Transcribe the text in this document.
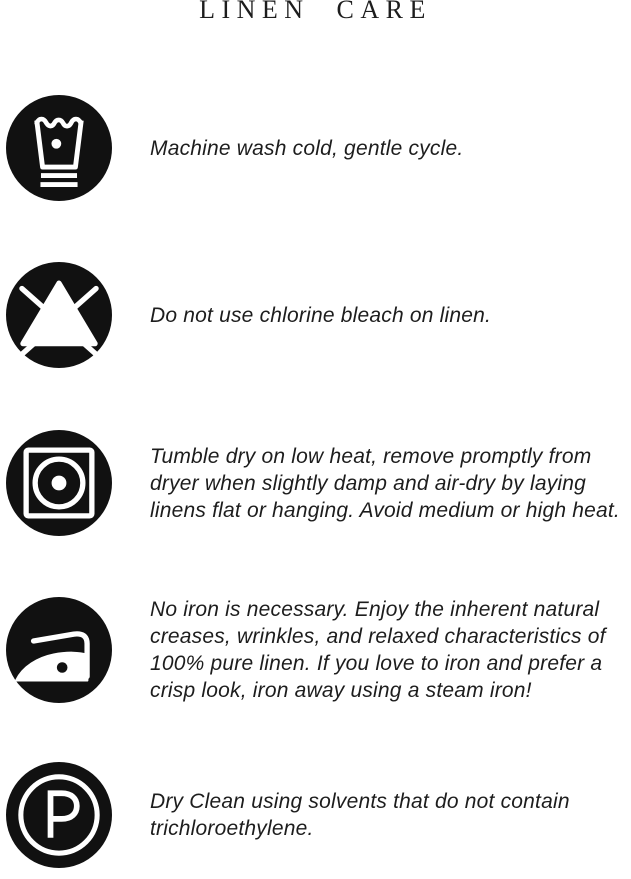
LINEN CARE
Machine wash cold, gentle cycle.
Do not use chlorine bleach on linen.
Tumble dry on low heat, remove promptly from dryer when slightly damp and air-dry by laying linens flat or hanging. Avoid medium or high heat.
No iron is necessary. Enjoy the inherent natural creases, wrinkles, and relaxed characteristics of 100% pure linen. If you love to iron and prefer a crisp look, iron away using a steam iron!
Dry Clean using solvents that do not contain trichloroethylene.
